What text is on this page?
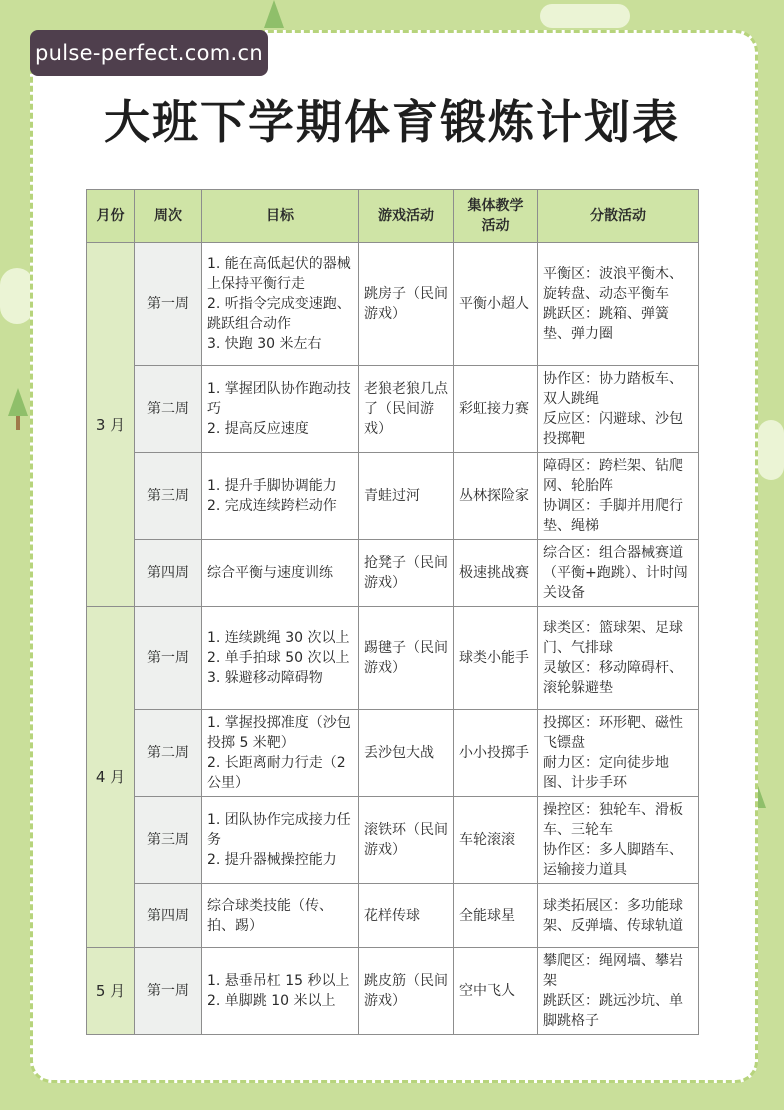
pulse-perfect.com.cn
大班下学期体育锻炼计划表
月份	周次	目标	游戏活动	集体教学
活动	分散活动
3 月	第一周	1. 能在高低起伏的器械上保持平衡行走
2. 听指令完成变速跑、跳跃组合动作
3. 快跑 30 米左右	跳房子（民间游戏）	平衡小超人	平衡区：波浪平衡木、旋转盘、动态平衡车
跳跃区：跳箱、弹簧垫、弹力圈
	第二周	1. 掌握团队协作跑动技巧
2. 提高反应速度	老狼老狼几点了（民间游戏）	彩虹接力赛	协作区：协力踏板车、双人跳绳
反应区：闪避球、沙包投掷靶
	第三周	1. 提升手脚协调能力
2. 完成连续跨栏动作	青蛙过河	丛林探险家	障碍区：跨栏架、钻爬网、轮胎阵
协调区：手脚并用爬行垫、绳梯
	第四周	综合平衡与速度训练	抢凳子（民间游戏）	极速挑战赛	综合区：组合器械赛道（平衡+跑跳）、计时闯关设备
4 月	第一周	1. 连续跳绳 30 次以上
2. 单手拍球 50 次以上 3. 躲避移动障碍物	踢毽子（民间游戏）	球类小能手	球类区：篮球架、足球门、气排球
灵敏区：移动障碍杆、滚轮躲避垫
	第二周	1. 掌握投掷准度（沙包投掷 5 米靶）
2. 长距离耐力行走（2 公里）	丢沙包大战	小小投掷手	投掷区：环形靶、磁性飞镖盘
耐力区：定向徒步地图、计步手环
	第三周	1. 团队协作完成接力任务
2. 提升器械操控能力	滚铁环（民间游戏）	车轮滚滚	操控区：独轮车、滑板车、三轮车
协作区：多人脚踏车、运输接力道具
	第四周	综合球类技能（传、拍、踢）	花样传球	全能球星	球类拓展区：多功能球架、反弹墙、传球轨道
5 月	第一周	1. 悬垂吊杠 15 秒以上
2. 单脚跳 10 米以上	跳皮筋（民间游戏）	空中飞人	攀爬区：绳网墙、攀岩架
跳跃区：跳远沙坑、单脚跳格子
